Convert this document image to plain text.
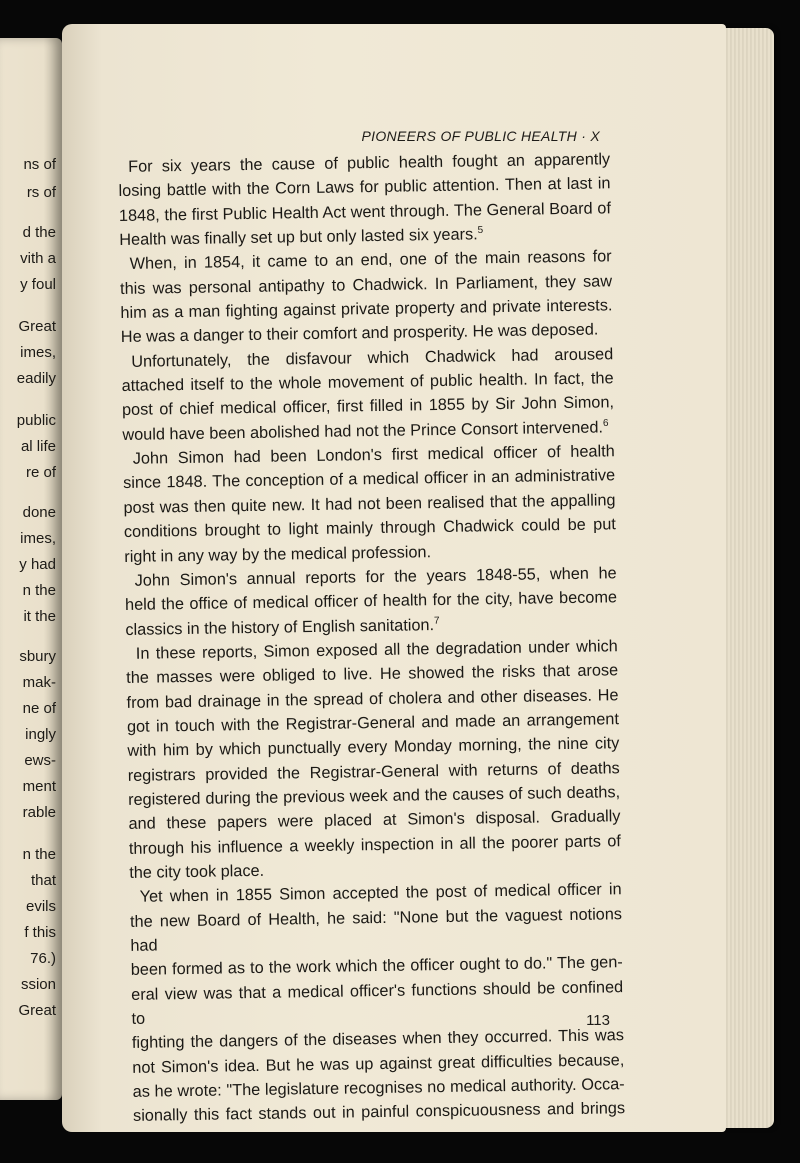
ns of
rs of
d the
vith a
y foul
Great
imes,
eadily
public
al life
re of
done
imes,
y had
n the
it the
sbury
mak-
ne of
ingly
ews-
ment
rable
n the
that
evils
f this
76.)
ssion
Great
PIONEERS OF PUBLIC HEALTH · X
For six years the cause of public health fought an apparently
losing battle with the Corn Laws for public attention. Then at last in
1848, the first Public Health Act went through. The General Board of
Health was finally set up but only lasted six years.$^5$
When, in 1854, it came to an end, one of the main reasons for
this was personal antipathy to Chadwick. In Parliament, they saw
him as a man fighting against private property and private interests.
He was a danger to their comfort and prosperity. He was deposed.
Unfortunately, the disfavour which Chadwick had aroused
attached itself to the whole movement of public health. In fact, the
post of chief medical officer, first filled in 1855 by Sir John Simon,
would have been abolished had not the Prince Consort intervened.$^6$
John Simon had been London's first medical officer of health
since 1848. The conception of a medical officer in an administrative
post was then quite new. It had not been realised that the appalling
conditions brought to light mainly through Chadwick could be put
right in any way by the medical profession.
John Simon's annual reports for the years 1848-55, when he
held the office of medical officer of health for the city, have become
classics in the history of English sanitation.$^7$
In these reports, Simon exposed all the degradation under which
the masses were obliged to live. He showed the risks that arose
from bad drainage in the spread of cholera and other diseases. He
got in touch with the Registrar-General and made an arrangement
with him by which punctually every Monday morning, the nine city
registrars provided the Registrar-General with returns of deaths
registered during the previous week and the causes of such deaths,
and these papers were placed at Simon's disposal. Gradually
through his influence a weekly inspection in all the poorer parts of
the city took place.
Yet when in 1855 Simon accepted the post of medical officer in
the new Board of Health, he said: "None but the vaguest notions had
been formed as to the work which the officer ought to do." The gen-
eral view was that a medical officer's functions should be confined to
fighting the dangers of the diseases when they occurred. This was
not Simon's idea. But he was up against great difficulties because,
as he wrote: "The legislature recognises no medical authority. Occa-
sionally this fact stands out in painful conspicuousness and brings
113
